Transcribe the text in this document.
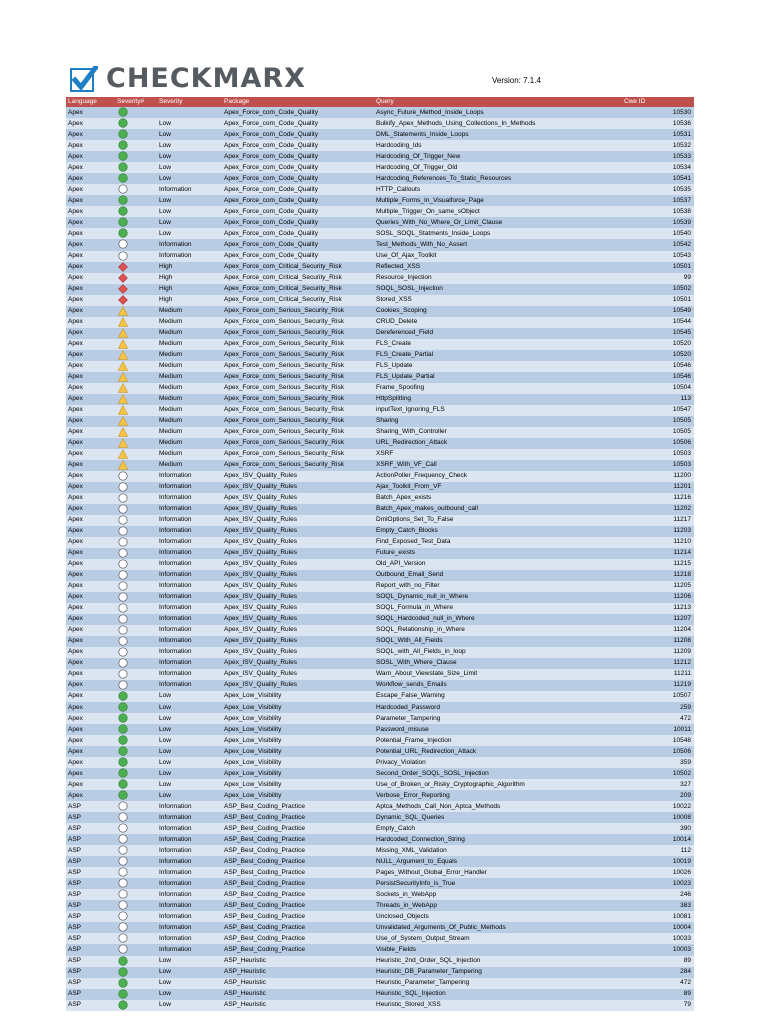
CHECKMARX	Version: 7.1.4
Language	Severity#	Severity	Package	Query	Cwe ID
Apex			Apex_Force_com_Code_Quality	Async_Future_Method_Inside_Loops	10530
Apex		Low	Apex_Force_com_Code_Quality	Bulkify_Apex_Methods_Using_Collections_In_Methods	10536
Apex		Low	Apex_Force_com_Code_Quality	DML_Statements_Inside_Loops	10531
Apex		Low	Apex_Force_com_Code_Quality	Hardcoding_Ids	10532
Apex		Low	Apex_Force_com_Code_Quality	Hardcoding_Of_Trigger_New	10533
Apex		Low	Apex_Force_com_Code_Quality	Hardcoding_Of_Trigger_Old	10534
Apex		Low	Apex_Force_com_Code_Quality	Hardcoding_References_To_Static_Resources	10541
Apex		Information	Apex_Force_com_Code_Quality	HTTP_Callouts	10535
Apex		Low	Apex_Force_com_Code_Quality	Multiple_Forms_In_Visualforce_Page	10537
Apex		Low	Apex_Force_com_Code_Quality	Multiple_Trigger_On_same_sObject	10538
Apex		Low	Apex_Force_com_Code_Quality	Queries_With_No_Where_Or_Limit_Clause	10539
Apex		Low	Apex_Force_com_Code_Quality	SOSL_SOQL_Statments_Inside_Loops	10540
Apex		Information	Apex_Force_com_Code_Quality	Test_Methods_With_No_Assert	10542
Apex		Information	Apex_Force_com_Code_Quality	Use_Of_Ajax_Toolkit	10543
Apex		High	Apex_Force_com_Critical_Security_Risk	Reflected_XSS	10501
Apex		High	Apex_Force_com_Critical_Security_Risk	Resource_Injection	99
Apex		High	Apex_Force_com_Critical_Security_Risk	SOQL_SOSL_Injection	10502
Apex		High	Apex_Force_com_Critical_Security_Risk	Stored_XSS	10501
Apex		Medium	Apex_Force_com_Serious_Security_Risk	Cookies_Scoping	10549
Apex		Medium	Apex_Force_com_Serious_Security_Risk	CRUD_Delete	10544
Apex		Medium	Apex_Force_com_Serious_Security_Risk	Dereferenced_Field	10545
Apex		Medium	Apex_Force_com_Serious_Security_Risk	FLS_Create	10520
Apex		Medium	Apex_Force_com_Serious_Security_Risk	FLS_Create_Partial	10520
Apex		Medium	Apex_Force_com_Serious_Security_Risk	FLS_Update	10546
Apex		Medium	Apex_Force_com_Serious_Security_Risk	FLS_Update_Partial	10546
Apex		Medium	Apex_Force_com_Serious_Security_Risk	Frame_Spoofing	10504
Apex		Medium	Apex_Force_com_Serious_Security_Risk	HttpSplitting	113
Apex		Medium	Apex_Force_com_Serious_Security_Risk	inputText_Ignoring_FLS	10547
Apex		Medium	Apex_Force_com_Serious_Security_Risk	Sharing	10505
Apex		Medium	Apex_Force_com_Serious_Security_Risk	Sharing_With_Controller	10505
Apex		Medium	Apex_Force_com_Serious_Security_Risk	URL_Redirection_Attack	10506
Apex		Medium	Apex_Force_com_Serious_Security_Risk	XSRF	10503
Apex		Medium	Apex_Force_com_Serious_Security_Risk	XSRF_With_VF_Call	10503
Apex		Information	Apex_ISV_Quality_Rules	ActionPoller_Frequency_Check	11200
Apex		Information	Apex_ISV_Quality_Rules	Ajax_Toolkit_From_VF	11201
Apex		Information	Apex_ISV_Quality_Rules	Batch_Apex_exists	11216
Apex		Information	Apex_ISV_Quality_Rules	Batch_Apex_makes_outbound_call	11202
Apex		Information	Apex_ISV_Quality_Rules	DmlOptions_Set_To_False	11217
Apex		Information	Apex_ISV_Quality_Rules	Empty_Catch_Blocks	11203
Apex		Information	Apex_ISV_Quality_Rules	Find_Exposed_Test_Data	11210
Apex		Information	Apex_ISV_Quality_Rules	Future_exists	11214
Apex		Information	Apex_ISV_Quality_Rules	Old_API_Version	11215
Apex		Information	Apex_ISV_Quality_Rules	Outbound_Email_Send	11218
Apex		Information	Apex_ISV_Quality_Rules	Report_with_no_Filter	11205
Apex		Information	Apex_ISV_Quality_Rules	SOQL_Dynamic_null_in_Where	11206
Apex		Information	Apex_ISV_Quality_Rules	SOQL_Formula_in_Where	11213
Apex		Information	Apex_ISV_Quality_Rules	SOQL_Hardcoded_null_in_Where	11207
Apex		Information	Apex_ISV_Quality_Rules	SOQL_Relationship_in_Where	11204
Apex		Information	Apex_ISV_Quality_Rules	SOQL_With_All_Fields	11208
Apex		Information	Apex_ISV_Quality_Rules	SOQL_with_All_Fields_in_loop	11209
Apex		Information	Apex_ISV_Quality_Rules	SOSL_With_Where_Clause	11212
Apex		Information	Apex_ISV_Quality_Rules	Warn_About_Viewstate_Size_Limit	11211
Apex		Information	Apex_ISV_Quality_Rules	Workflow_sends_Emails	11219
Apex		Low	Apex_Low_Visibility	Escape_False_Warning	10507
Apex		Low	Apex_Low_Visibility	Hardcoded_Password	259
Apex		Low	Apex_Low_Visibility	Parameter_Tampering	472
Apex		Low	Apex_Low_Visibility	Password_misuse	10011
Apex		Low	Apex_Low_Visibility	Potential_Frame_Injection	10548
Apex		Low	Apex_Low_Visibility	Potential_URL_Redirection_Attack	10506
Apex		Low	Apex_Low_Visibility	Privacy_Violation	359
Apex		Low	Apex_Low_Visibility	Second_Order_SOQL_SOSL_Injection	10502
Apex		Low	Apex_Low_Visibility	Use_of_Broken_or_Risky_Cryptographic_Algorithm	327
Apex		Low	Apex_Low_Visibility	Verbose_Error_Reporting	209
ASP		Information	ASP_Best_Coding_Practice	Aptca_Methods_Call_Non_Aptca_Methods	10022
ASP		Information	ASP_Best_Coding_Practice	Dynamic_SQL_Queries	10008
ASP		Information	ASP_Best_Coding_Practice	Empty_Catch	390
ASP		Information	ASP_Best_Coding_Practice	Hardcoded_Connection_String	10014
ASP		Information	ASP_Best_Coding_Practice	Missing_XML_Validation	112
ASP		Information	ASP_Best_Coding_Practice	NULL_Argument_to_Equals	10019
ASP		Information	ASP_Best_Coding_Practice	Pages_Without_Global_Error_Handler	10026
ASP		Information	ASP_Best_Coding_Practice	PersistSecurityInfo_is_True	10023
ASP		Information	ASP_Best_Coding_Practice	Sockets_in_WebApp	246
ASP		Information	ASP_Best_Coding_Practice	Threads_in_WebApp	383
ASP		Information	ASP_Best_Coding_Practice	Unclosed_Objects	10081
ASP		Information	ASP_Best_Coding_Practice	Unvalidated_Arguments_Of_Public_Methods	10004
ASP		Information	ASP_Best_Coding_Practice	Use_of_System_Output_Stream	10033
ASP		Information	ASP_Best_Coding_Practice	Visible_Fields	10003
ASP		Low	ASP_Heuristic	Heuristic_2nd_Order_SQL_Injection	89
ASP		Low	ASP_Heuristic	Heuristic_DB_Parameter_Tampering	284
ASP		Low	ASP_Heuristic	Heuristic_Parameter_Tampering	472
ASP		Low	ASP_Heuristic	Heuristic_SQL_Injection	89
ASP		Low	ASP_Heuristic	Heuristic_Stored_XSS	79
